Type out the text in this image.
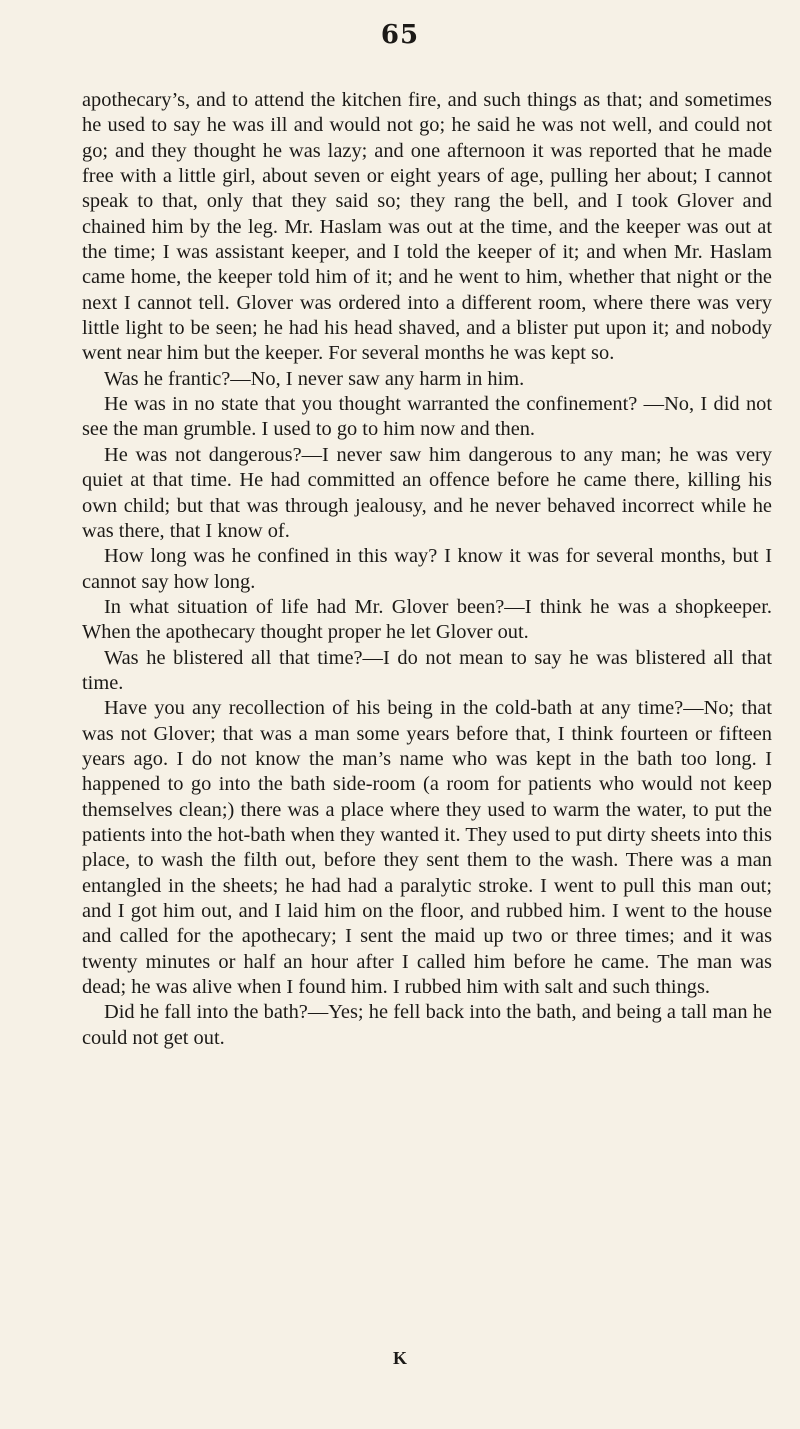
65

apothecary’s, and to attend the kitchen fire, and such things as that; and sometimes he used to say he was ill and would not go; he said he was not well, and could not go; and they thought he was lazy; and one afternoon it was reported that he made free with a little girl, about seven or eight years of age, pulling her about; I cannot speak to that, only that they said so; they rang the bell, and I took Glover and chained him by the leg. Mr. Haslam was out at the time, and the keeper was out at the time; I was assistant keeper, and I told the keeper of it; and when Mr. Haslam came home, the keeper told him of it; and he went to him, whether that night or the next I cannot tell. Glover was ordered into a different room, where there was very little light to be seen; he had his head shaved, and a blister put upon it; and nobody went near him but the keeper. For several months he was kept so.

Was he frantic?—No, I never saw any harm in him.

He was in no state that you thought warranted the confinement? —No, I did not see the man grumble. I used to go to him now and then.

He was not dangerous?—I never saw him dangerous to any man; he was very quiet at that time. He had committed an offence before he came there, killing his own child; but that was through jealousy, and he never behaved incorrect while he was there, that I know of.

How long was he confined in this way? I know it was for several months, but I cannot say how long.

In what situation of life had Mr. Glover been?—I think he was a shopkeeper. When the apothecary thought proper he let Glover out.

Was he blistered all that time?—I do not mean to say he was blistered all that time.

Have you any recollection of his being in the cold-bath at any time?—No; that was not Glover; that was a man some years before that, I think fourteen or fifteen years ago. I do not know the man’s name who was kept in the bath too long. I happened to go into the bath side-room (a room for patients who would not keep themselves clean;) there was a place where they used to warm the water, to put the patients into the hot-bath when they wanted it. They used to put dirty sheets into this place, to wash the filth out, before they sent them to the wash. There was a man entangled in the sheets; he had had a paralytic stroke. I went to pull this man out; and I got him out, and I laid him on the floor, and rubbed him. I went to the house and called for the apothecary; I sent the maid up two or three times; and it was twenty minutes or half an hour after I called him before he came. The man was dead; he was alive when I found him. I rubbed him with salt and such things.

Did he fall into the bath?—Yes; he fell back into the bath, and being a tall man he could not get out.

K
